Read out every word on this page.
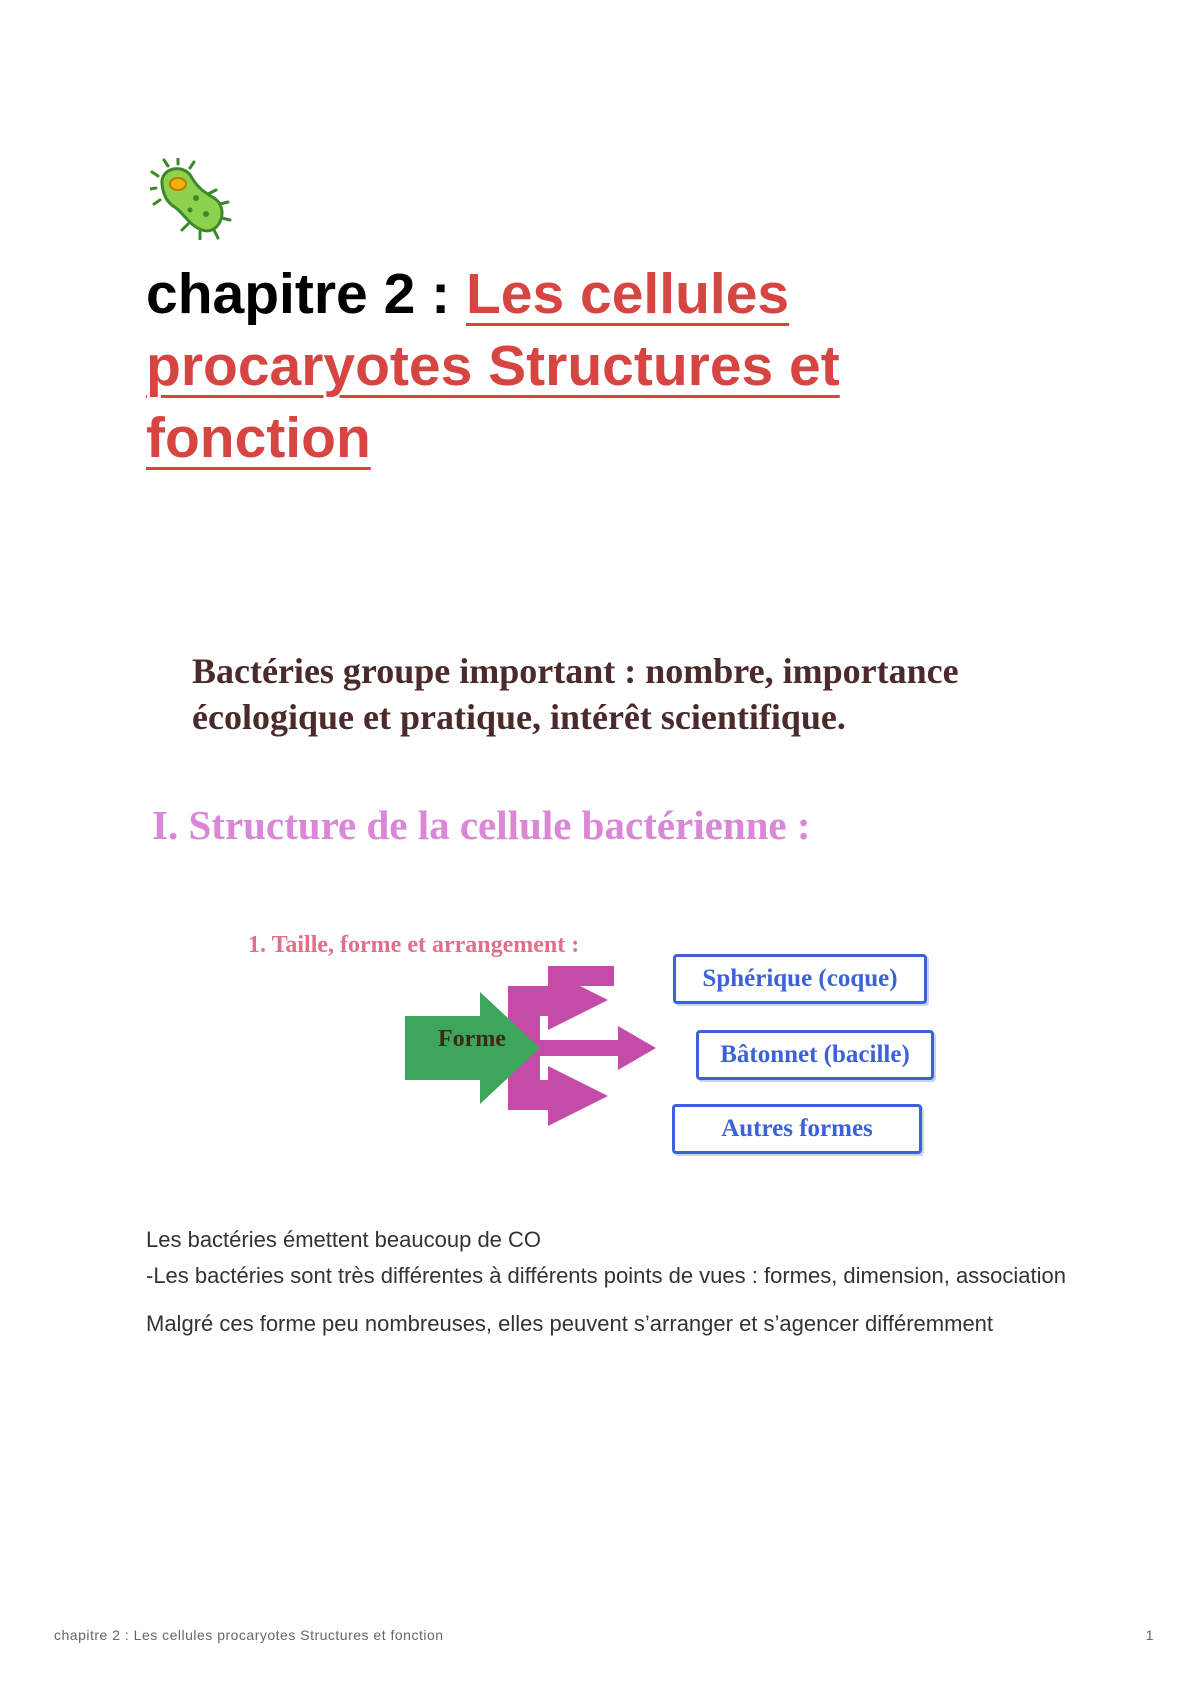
chapitre 2 : Les cellules procaryotes Structures et fonction

Bactéries groupe important : nombre, importance écologique et pratique, intérêt scientifique.

I. Structure de la cellule bactérienne :

1. Taille, forme et arrangement :

Forme
Sphérique (coque)
Bâtonnet (bacille)
Autres formes

Les bactéries émettent beaucoup de CO

-Les bactéries sont très différentes à différents points de vues : formes, dimension, association

Malgré ces forme peu nombreuses, elles peuvent s’arranger et s’agencer différemment

chapitre 2 : Les cellules procaryotes Structures et fonction	1
